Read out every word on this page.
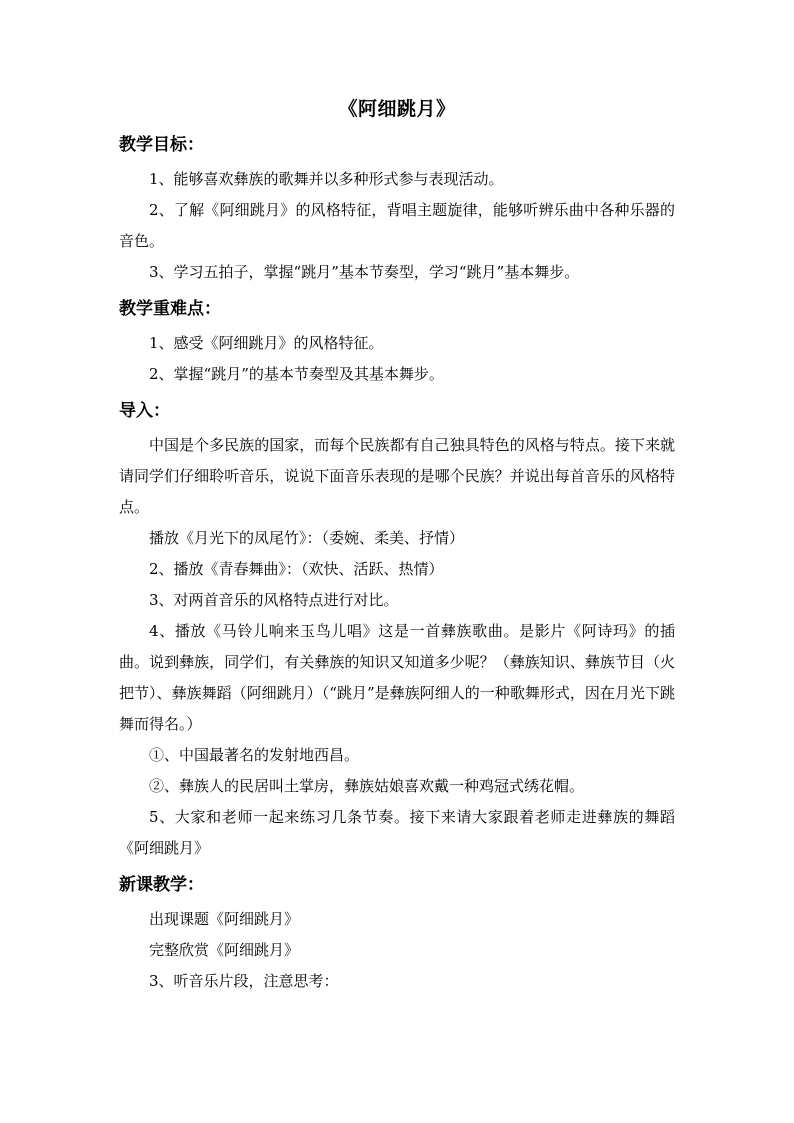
《阿细跳月》
教学目标：

1、能够喜欢彝族的歌舞并以多种形式参与表现活动。

2、了解《阿细跳月》的风格特征，背唱主题旋律，能够听辨乐曲中各种乐器的音色。

3、学习五拍子，掌握“跳月”基本节奏型，学习“跳月”基本舞步。

教学重难点：

1、感受《阿细跳月》的风格特征。

2、掌握“跳月”的基本节奏型及其基本舞步。

导入：

中国是个多民族的国家，而每个民族都有自己独具特色的风格与特点。接下来就请同学们仔细聆听音乐，说说下面音乐表现的是哪个民族？并说出每首音乐的风格特点。

播放《月光下的凤尾竹》：（委婉、柔美、抒情）

2、播放《青春舞曲》：（欢快、活跃、热情）

3、对两首音乐的风格特点进行对比。

4、播放《马铃儿响来玉鸟儿唱》这是一首彝族歌曲。是影片《阿诗玛》的插曲。说到彝族，同学们，有关彝族的知识又知道多少呢？（彝族知识、彝族节目（火把节）、彝族舞蹈（阿细跳月）（“跳月”是彝族阿细人的一种歌舞形式，因在月光下跳舞而得名。）

①、中国最著名的发射地西昌。

②、彝族人的民居叫土掌房，彝族姑娘喜欢戴一种鸡冠式绣花帽。

5、大家和老师一起来练习几条节奏。接下来请大家跟着老师走进彝族的舞蹈《阿细跳月》

新课教学：

出现课题《阿细跳月》

完整欣赏《阿细跳月》

3、听音乐片段，注意思考：
